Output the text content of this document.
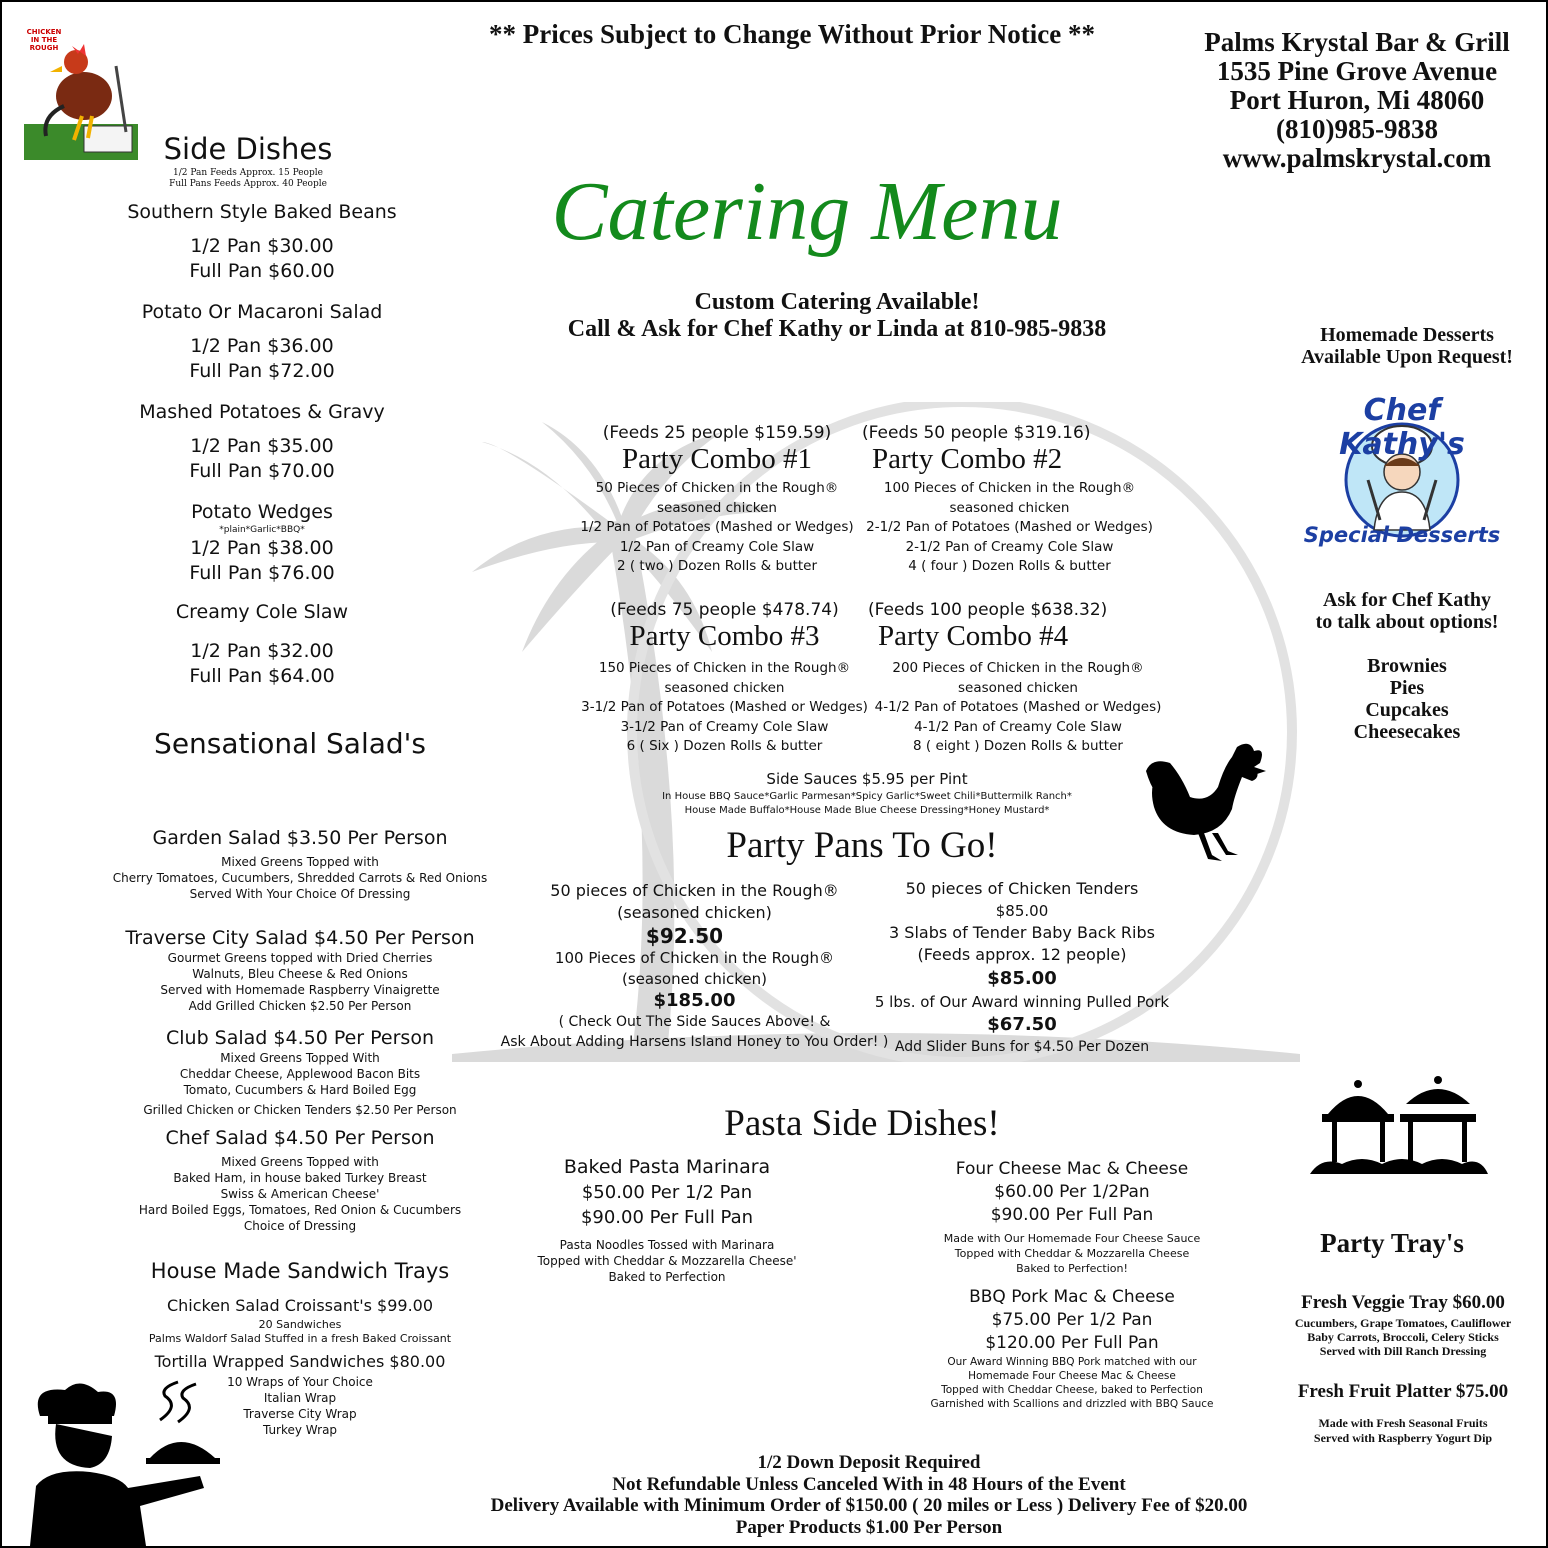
CHICKEN IN THE ROUGH	** Prices Subject to Change Without Prior Notice **	Palms Krystal Bar & Grill
1535 Pine Grove Avenue
Port Huron, Mi 48060
(810)985-9838
www.palmskrystal.com
Catering Menu
Custom Catering Available!
Call & Ask for Chef Kathy or Linda at 810-985-9838
Side Dishes
1/2 Pan Feeds Approx. 15 People
Full Pans Feeds Approx. 40 People
Southern Style Baked Beans
1/2 Pan $30.00
Full Pan $60.00
Potato Or Macaroni Salad
1/2 Pan $36.00
Full Pan $72.00
Mashed Potatoes & Gravy
1/2 Pan $35.00
Full Pan $70.00
Potato Wedges
*plain*Garlic*BBQ*
1/2 Pan $38.00
Full Pan $76.00
Creamy Cole Slaw
1/2 Pan $32.00
Full Pan $64.00
Sensational Salad's
Garden Salad $3.50 Per Person
Mixed Greens Topped with
Cherry Tomatoes, Cucumbers, Shredded Carrots & Red Onions
Served With Your Choice Of Dressing
Traverse City Salad $4.50 Per Person
Gourmet Greens topped with Dried Cherries
Walnuts, Bleu Cheese & Red Onions
Served with Homemade Raspberry Vinaigrette
Add Grilled Chicken $2.50 Per Person
Club Salad $4.50 Per Person
Mixed Greens Topped With
Cheddar Cheese, Applewood Bacon Bits
Tomato, Cucumbers & Hard Boiled Egg
Grilled Chicken or Chicken Tenders $2.50 Per Person
Chef Salad $4.50 Per Person
Mixed Greens Topped with
Baked Ham, in house baked Turkey Breast
Swiss & American Cheese'
Hard Boiled Eggs, Tomatoes, Red Onion & Cucumbers
Choice of Dressing
House Made Sandwich Trays
Chicken Salad Croissant's $99.00
20 Sandwiches
Palms Waldorf Salad Stuffed in a fresh Baked Croissant
Tortilla Wrapped Sandwiches $80.00
10 Wraps of Your Choice
Italian Wrap
Traverse City Wrap
Turkey Wrap
(Feeds 25 people $159.59)
Party Combo #1
50 Pieces of Chicken in the Rough®
seasoned chicken
1/2 Pan of Potatoes (Mashed or Wedges)
1/2 Pan of Creamy Cole Slaw
2 ( two ) Dozen Rolls & butter
(Feeds 50 people $319.16)
Party Combo #2
100 Pieces of Chicken in the Rough®
seasoned chicken
2-1/2 Pan of Potatoes (Mashed or Wedges)
2-1/2 Pan of Creamy Cole Slaw
4 ( four ) Dozen Rolls & butter
(Feeds 75 people $478.74)
Party Combo #3
150 Pieces of Chicken in the Rough®
seasoned chicken
3-1/2 Pan of Potatoes (Mashed or Wedges)
3-1/2 Pan of Creamy Cole Slaw
6 ( Six ) Dozen Rolls & butter
(Feeds 100 people $638.32)
Party Combo #4
200 Pieces of Chicken in the Rough®
seasoned chicken
4-1/2 Pan of Potatoes (Mashed or Wedges)
4-1/2 Pan of Creamy Cole Slaw
8 ( eight ) Dozen Rolls & butter
Side Sauces $5.95 per Pint
In House BBQ Sauce*Garlic Parmesan*Spicy Garlic*Sweet Chili*Buttermilk Ranch*
House Made Buffalo*House Made Blue Cheese Dressing*Honey Mustard*
Party Pans To Go!
50 pieces of Chicken in the Rough®
(seasoned chicken)
$92.50
100 Pieces of Chicken in the Rough®
(seasoned chicken)
$185.00
( Check Out The Side Sauces Above! &
Ask About Adding Harsens Island Honey to You Order! )
50 pieces of Chicken Tenders
$85.00
3 Slabs of Tender Baby Back Ribs
(Feeds approx. 12 people)
$85.00
5 lbs. of Our Award winning Pulled Pork
$67.50
Add Slider Buns for $4.50 Per Dozen
Pasta Side Dishes!
Baked Pasta Marinara
$50.00 Per 1/2 Pan
$90.00 Per Full Pan
Pasta Noodles Tossed with Marinara
Topped with Cheddar & Mozzarella Cheese'
Baked to Perfection
Four Cheese Mac & Cheese
$60.00 Per 1/2Pan
$90.00 Per Full Pan
Made with Our Homemade Four Cheese Sauce
Topped with Cheddar & Mozzarella Cheese
Baked to Perfection!
BBQ Pork Mac & Cheese
$75.00 Per 1/2 Pan
$120.00 Per Full Pan
Our Award Winning BBQ Pork matched with our
Homemade Four Cheese Mac & Cheese
Topped with Cheddar Cheese, baked to Perfection
Garnished with Scallions and drizzled with BBQ Sauce
Homemade Desserts
Available Upon Request!
Chef Kathy's
Special Desserts
Ask for Chef Kathy
to talk about options!
Brownies
Pies
Cupcakes
Cheesecakes
Party Tray's
Fresh Veggie Tray $60.00
Cucumbers, Grape Tomatoes, Cauliflower
Baby Carrots, Broccoli, Celery Sticks
Served with Dill Ranch Dressing
Fresh Fruit Platter $75.00
Made with Fresh Seasonal Fruits
Served with Raspberry Yogurt Dip
1/2 Down Deposit Required
Not Refundable Unless Canceled With in 48 Hours of the Event
Delivery Available with Minimum Order of $150.00 ( 20 miles or Less ) Delivery Fee of $20.00
Paper Products $1.00 Per Person
